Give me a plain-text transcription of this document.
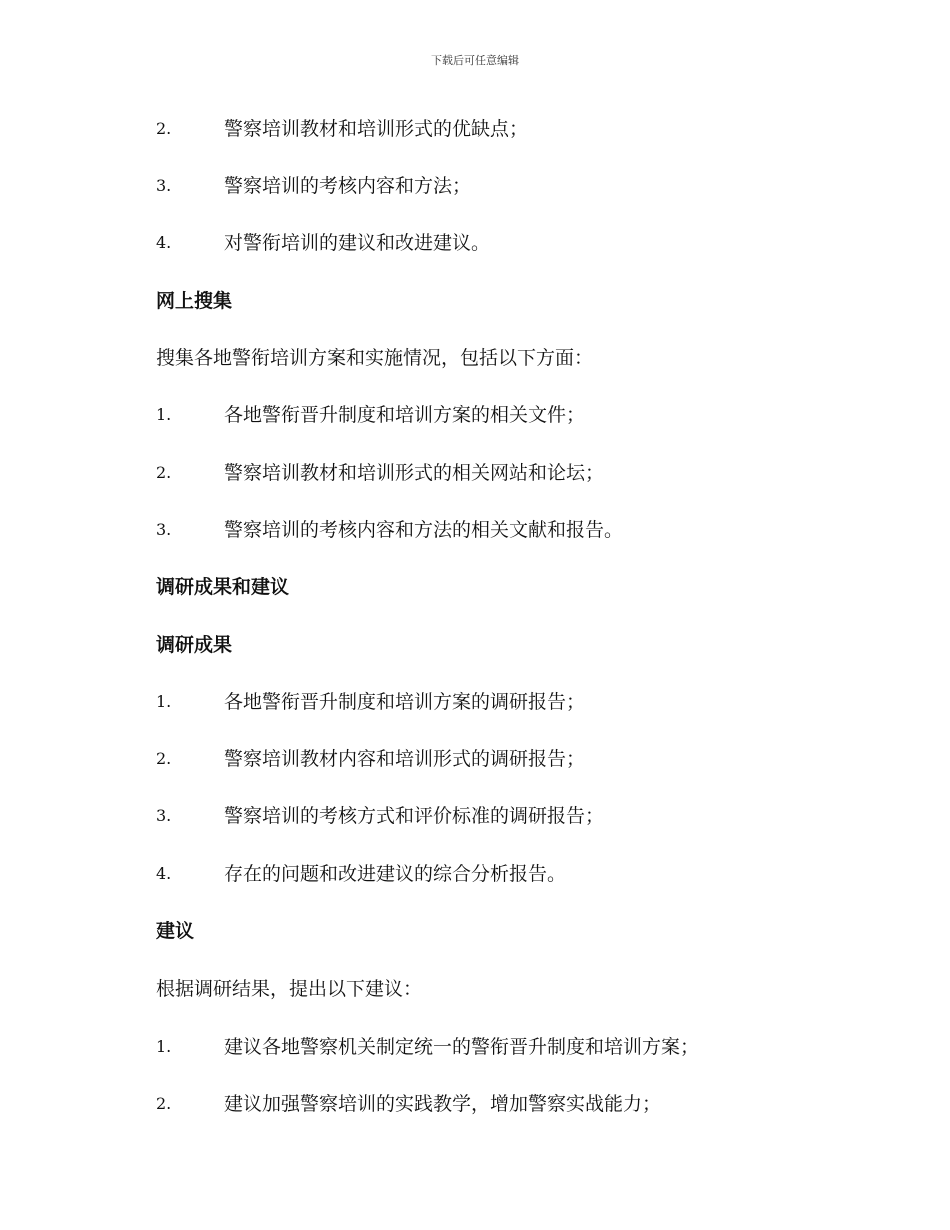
下载后可任意编辑
2.	警察培训教材和培训形式的优缺点；
3.	警察培训的考核内容和方法；
4.	对警衔培训的建议和改进建议。
网上搜集
搜集各地警衔培训方案和实施情况，包括以下方面：
1.	各地警衔晋升制度和培训方案的相关文件；
2.	警察培训教材和培训形式的相关网站和论坛；
3.	警察培训的考核内容和方法的相关文献和报告。
调研成果和建议
调研成果
1.	各地警衔晋升制度和培训方案的调研报告；
2.	警察培训教材内容和培训形式的调研报告；
3.	警察培训的考核方式和评价标准的调研报告；
4.	存在的问题和改进建议的综合分析报告。
建议
根据调研结果，提出以下建议：
1.	建议各地警察机关制定统一的警衔晋升制度和培训方案；
2.	建议加强警察培训的实践教学，增加警察实战能力；
